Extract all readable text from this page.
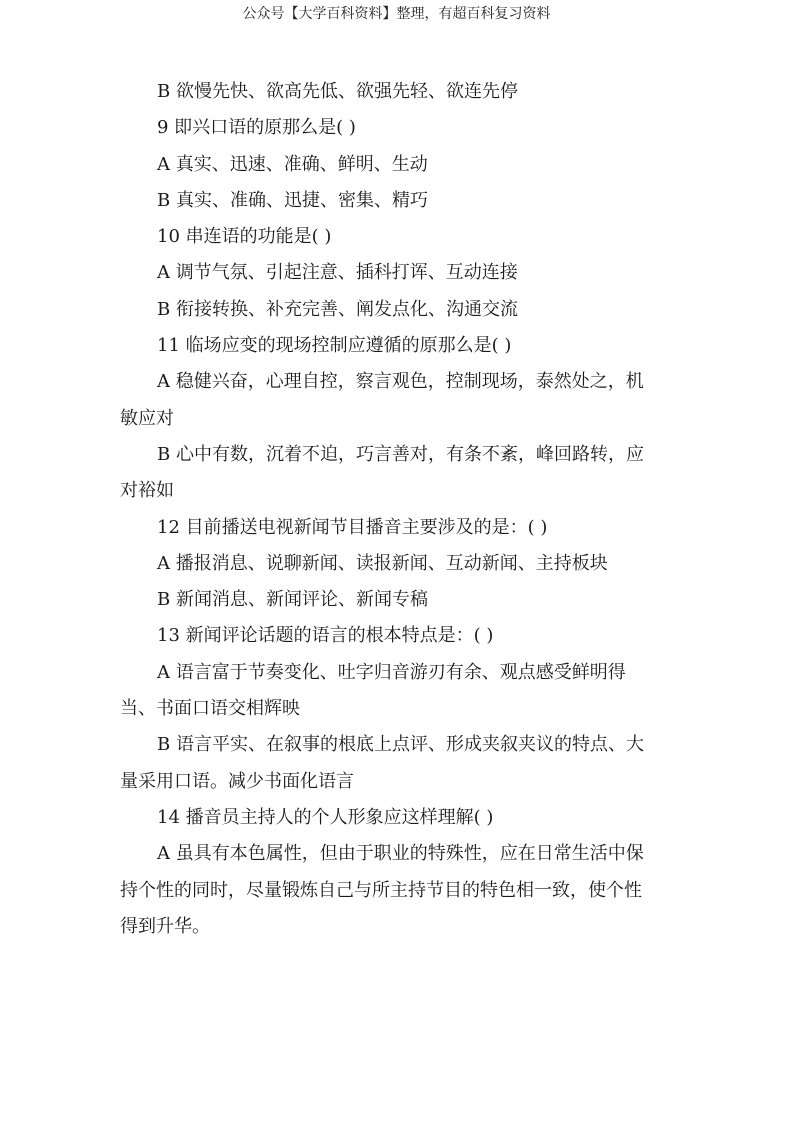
公众号【大学百科资料】整理，有超百科复习资料
B 欲慢先快、欲高先低、欲强先轻、欲连先停
9 即兴口语的原那么是( )
A 真实、迅速、准确、鲜明、生动
B 真实、准确、迅捷、密集、精巧
10 串连语的功能是( )
A 调节气氛、引起注意、插科打诨、互动连接
B 衔接转换、补充完善、阐发点化、沟通交流
11 临场应变的现场控制应遵循的原那么是( )
A 稳健兴奋，心理自控，察言观色，控制现场，泰然处之，机
敏应对
B 心中有数，沉着不迫，巧言善对，有条不紊，峰回路转，应
对裕如
12 目前播送电视新闻节目播音主要涉及的是：( )
A 播报消息、说聊新闻、读报新闻、互动新闻、主持板块
B 新闻消息、新闻评论、新闻专稿
13 新闻评论话题的语言的根本特点是：( )
A 语言富于节奏变化、吐字归音游刃有余、观点感受鲜明得
当、书面口语交相辉映
B 语言平实、在叙事的根底上点评、形成夹叙夹议的特点、大
量采用口语。减少书面化语言
14 播音员主持人的个人形象应这样理解( )
A 虽具有本色属性，但由于职业的特殊性，应在日常生活中保
持个性的同时，尽量锻炼自己与所主持节目的特色相一致，使个性
得到升华。
